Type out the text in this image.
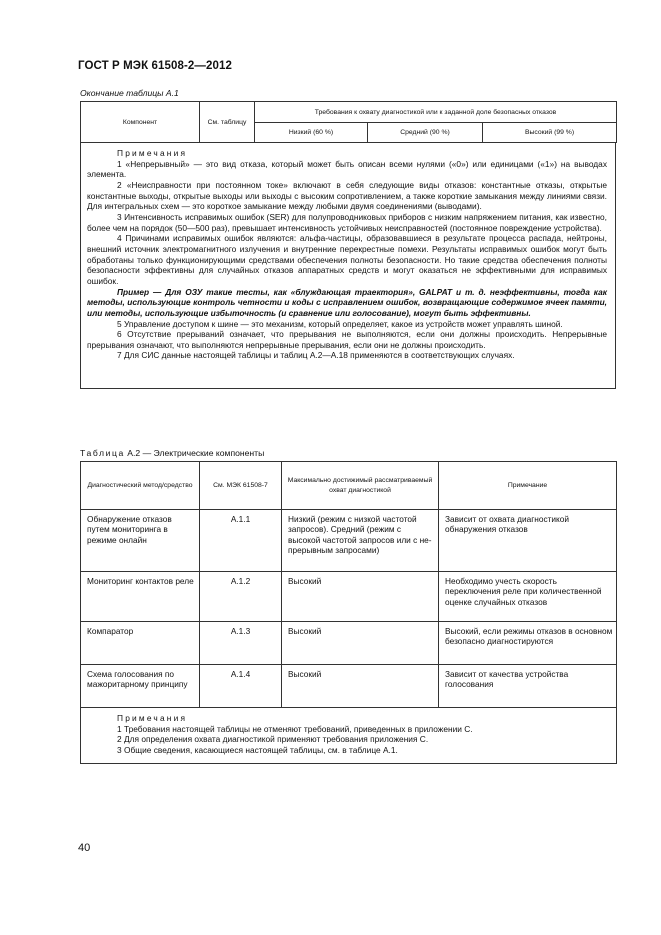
ГОСТ Р МЭК 61508-2—2012
Окончание таблицы А.1
Компонент	См. таблицу	Требования к охвату диагностикой или к заданной доле безопасных отказов		
		Низкий (60 %)	Средний (90 %)	Высокий (99 %)
Примечания

1 «Непрерывный» — это вид отказа, который может быть описан всеми нулями («0») или единицами («1») на выводах элемента.

2 «Неисправности при постоянном токе» включают в себя следующие виды отказов: константные отказы, открытые константные выходы, открытые выходы или выходы с высоким сопротивлением, а также короткие замыкания между линиями связи. Для интегральных схем — это короткое замыкание между любыми двумя соединениями (выводами).

3 Интенсивность исправимых ошибок (SER) для полупроводниковых приборов с низким напряжением питания, как известно, более чем на порядок (50—500 раз), превышает интенсивность устойчивых неисправностей (постоянное повреждение устройства).

4 Причинами исправимых ошибок являются: альфа-частицы, образовавшиеся в результате процесса распада, нейтроны, внешний источник электромагнитного излучения и внутренние перекрестные помехи. Результаты исправимых ошибок могут быть обработаны только функционирующими средствами обеспечения полноты безопасности. Но такие средства обеспечения полноты безопасности эффективны для случайных отказов аппаратных средств и могут оказаться не эффективными для исправимых ошибок.

Пример — Для ОЗУ такие тесты, как «блуждающая траектория», GALPAT и т. д. неэффективны, тогда как методы, использующие контроль четности и коды с исправлением ошибок, возвращающие содержимое ячеек памяти, или методы, использующие избыточность (и сравнение или голосование), могут быть эффективны.

5 Управление доступом к шине — это механизм, который определяет, какое из устройств может управлять шиной.

6 Отсутствие прерываний означает, что прерывания не выполняются, если они должны происходить. Непрерывные прерывания означают, что выполняются непрерывные прерывания, если они не должны происходить.

7 Для СИС данные настоящей таблицы и таблиц А.2—А.18 применяются в соответствующих случаях.

Таблица А.2 — Электрические компоненты
Диагностический метод/средство	См. МЭК 61508-7	Максимально достижимый рассматриваемый охват диагностикой	Примечание
Обнаружение отказов путем мониторинга в режиме онлайн	А.1.1	Низкий (режим с низкой частотой запросов). Средний (режим с высокой частотой запросов или с непрерывным запросами)	Зависит от охвата диагностикой обнаружения отказов
Мониторинг контактов реле	А.1.2	Высокий	Необходимо учесть скорость переключения реле при количественной оценке случайных отказов
Компаратор	А.1.3	Высокий	Высокий, если режимы отказов в основном безопасно диагностируются
Схема голосования по мажоритарному принципу	А.1.4	Высокий	Зависит от качества устройства голосования

Примечания
1 Требования настоящей таблицы не отменяют требований, приведенных в приложении С.
2 Для определения охвата диагностикой применяют требования приложения С.
3 Общие сведения, касающиеся настоящей таблицы, см. в таблице А.1.			
40
